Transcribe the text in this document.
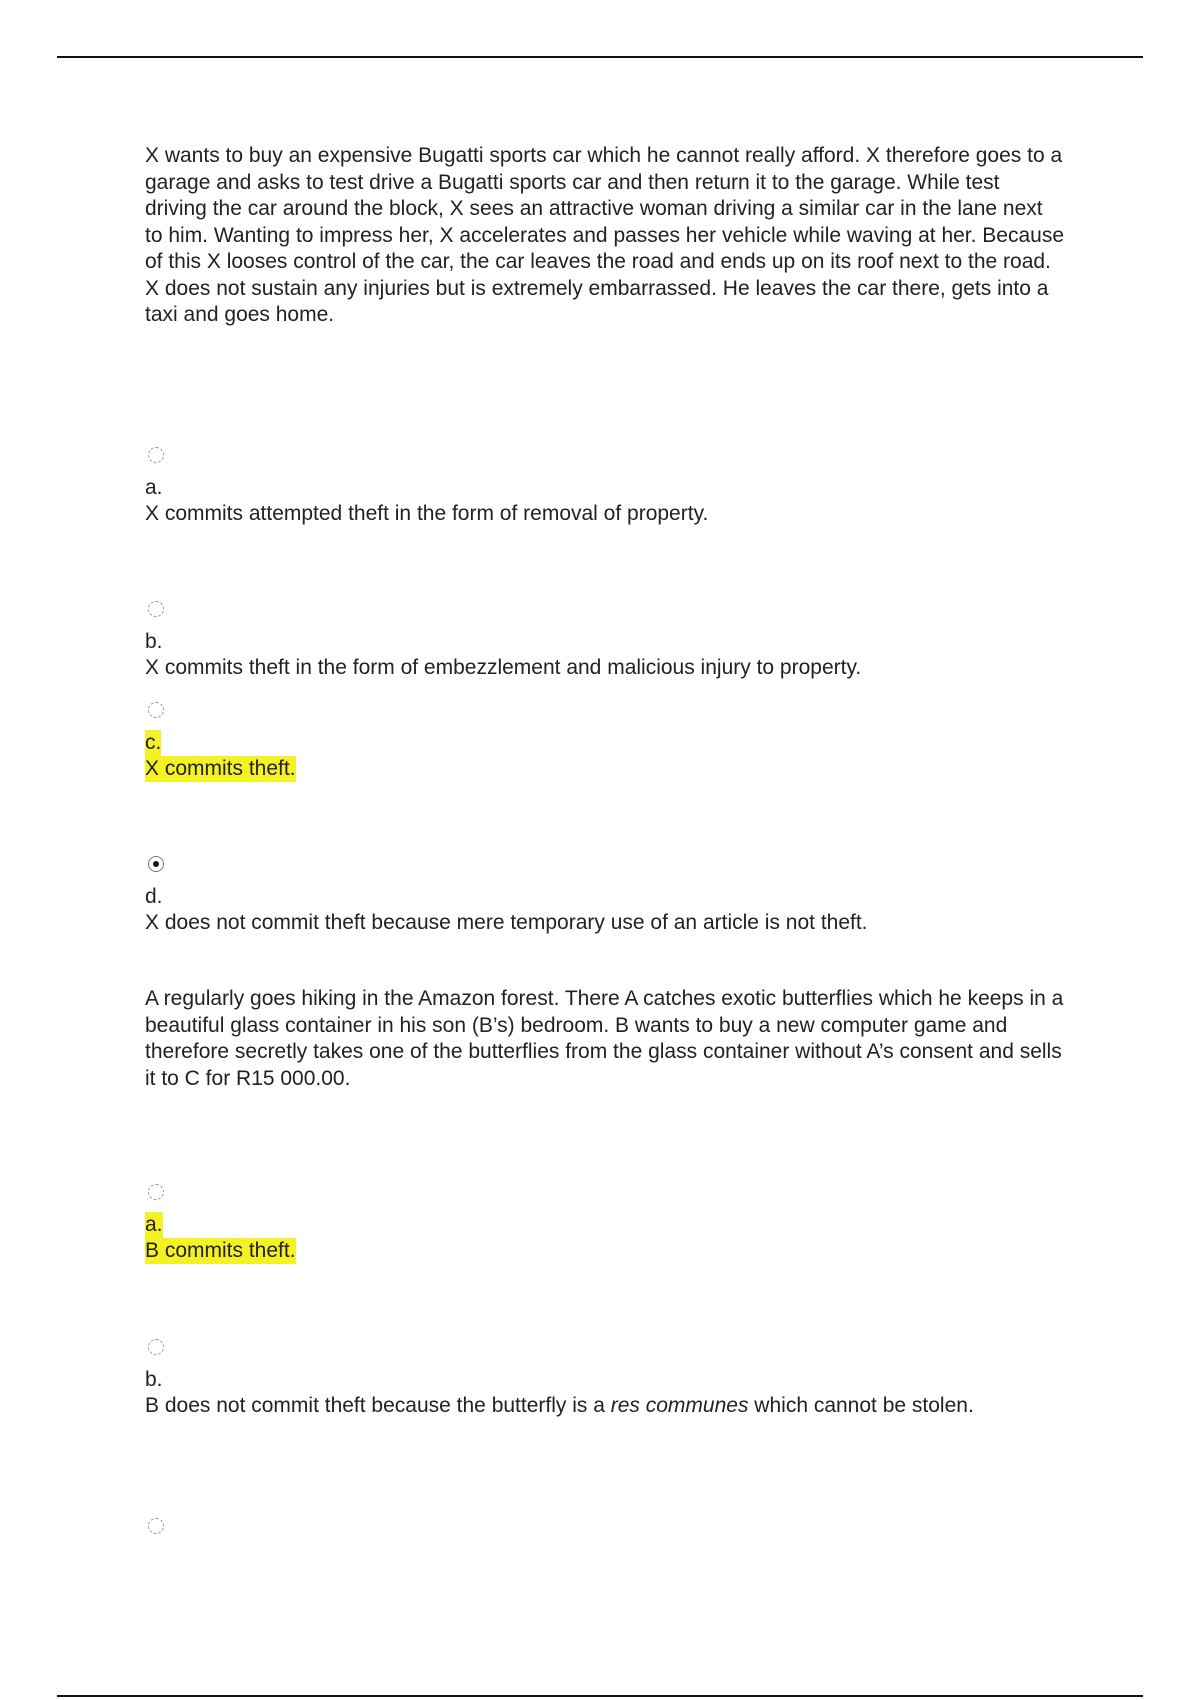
X wants to buy an expensive Bugatti sports car which he cannot really afford. X therefore goes to a garage and asks to test drive a Bugatti sports car and then return it to the garage. While test driving the car around the block, X sees an attractive woman driving a similar car in the lane next to him. Wanting to impress her, X accelerates and passes her vehicle while waving at her. Because of this X looses control of the car, the car leaves the road and ends up on its roof next to the road. X does not sustain any injuries but is extremely embarrassed. He leaves the car there, gets into a taxi and goes home.

a.
X commits attempted theft in the form of removal of property.
b.
X commits theft in the form of embezzlement and malicious injury to property.
c.
X commits theft.
d.
X does not commit theft because mere temporary use of an article is not theft.

A regularly goes hiking in the Amazon forest. There A catches exotic butterflies which he keeps in a beautiful glass container in his son (B’s) bedroom. B wants to buy a new computer game and therefore secretly takes one of the butterflies from the glass container without A’s consent and sells it to C for R15 000.00.

a.
B commits theft.
b.
B does not commit theft because the butterfly is a res communes which cannot be stolen.
